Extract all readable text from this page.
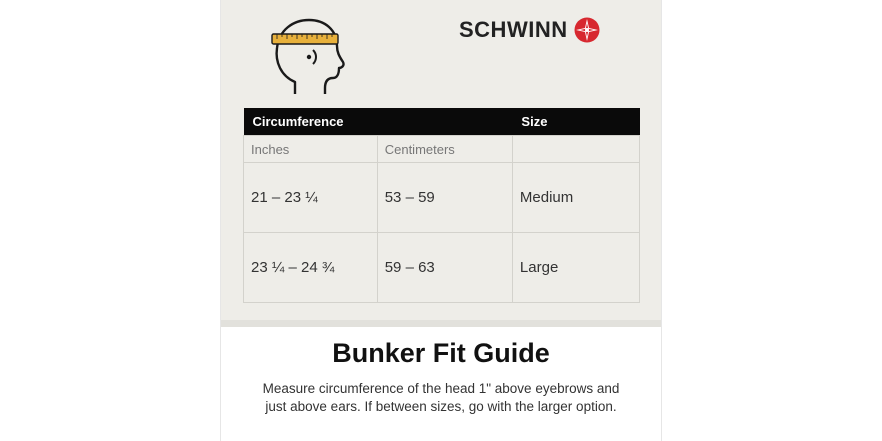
SCHWINN
Circumference		Size
Inches	Centimeters	
21 – 23 ¼	53 – 59	Medium
23 ¼ – 24 ¾	59 – 63	Large
Bunker Fit Guide
Measure circumference of the head 1" above eyebrows and just above ears. If between sizes, go with the larger option.
